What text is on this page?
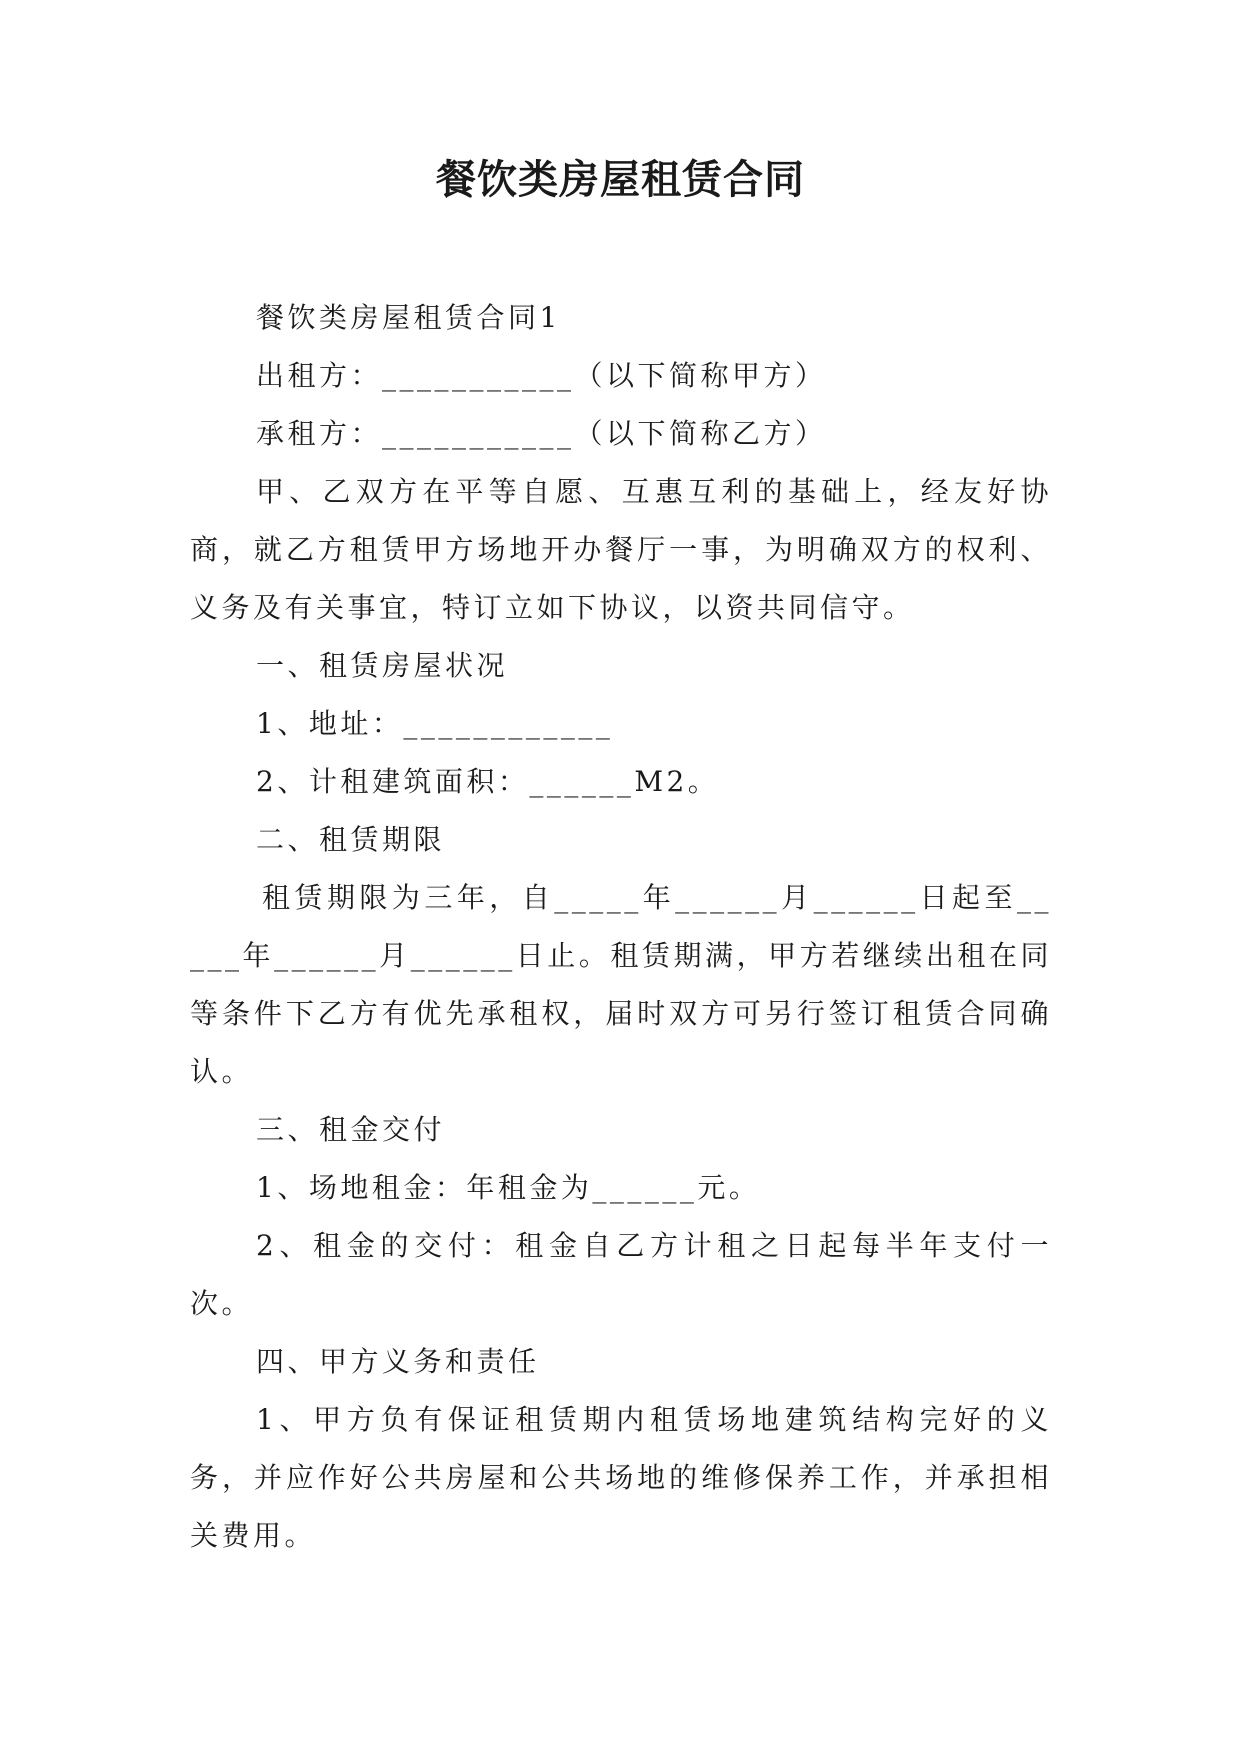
餐饮类房屋租赁合同

餐饮类房屋租赁合同1

出租方：___________（以下简称甲方）

承租方：___________（以下简称乙方）

甲、乙双方在平等自愿、互惠互利的基础上，经友好协商，就乙方租赁甲方场地开办餐厅一事，为明确双方的权利、义务及有关事宜，特订立如下协议，以资共同信守。

一、租赁房屋状况

1、地址：____________

2、计租建筑面积：______M2。

二、租赁期限

租赁期限为三年，自_____年______月______日起至_____年______月______日止。租赁期满，甲方若继续出租在同等条件下乙方有优先承租权，届时双方可另行签订租赁合同确认。

三、租金交付

1、场地租金：年租金为______元。

2、租金的交付：租金自乙方计租之日起每半年支付一次。

四、甲方义务和责任

1、甲方负有保证租赁期内租赁场地建筑结构完好的义务，并应作好公共房屋和公共场地的维修保养工作，并承担相关费用。
